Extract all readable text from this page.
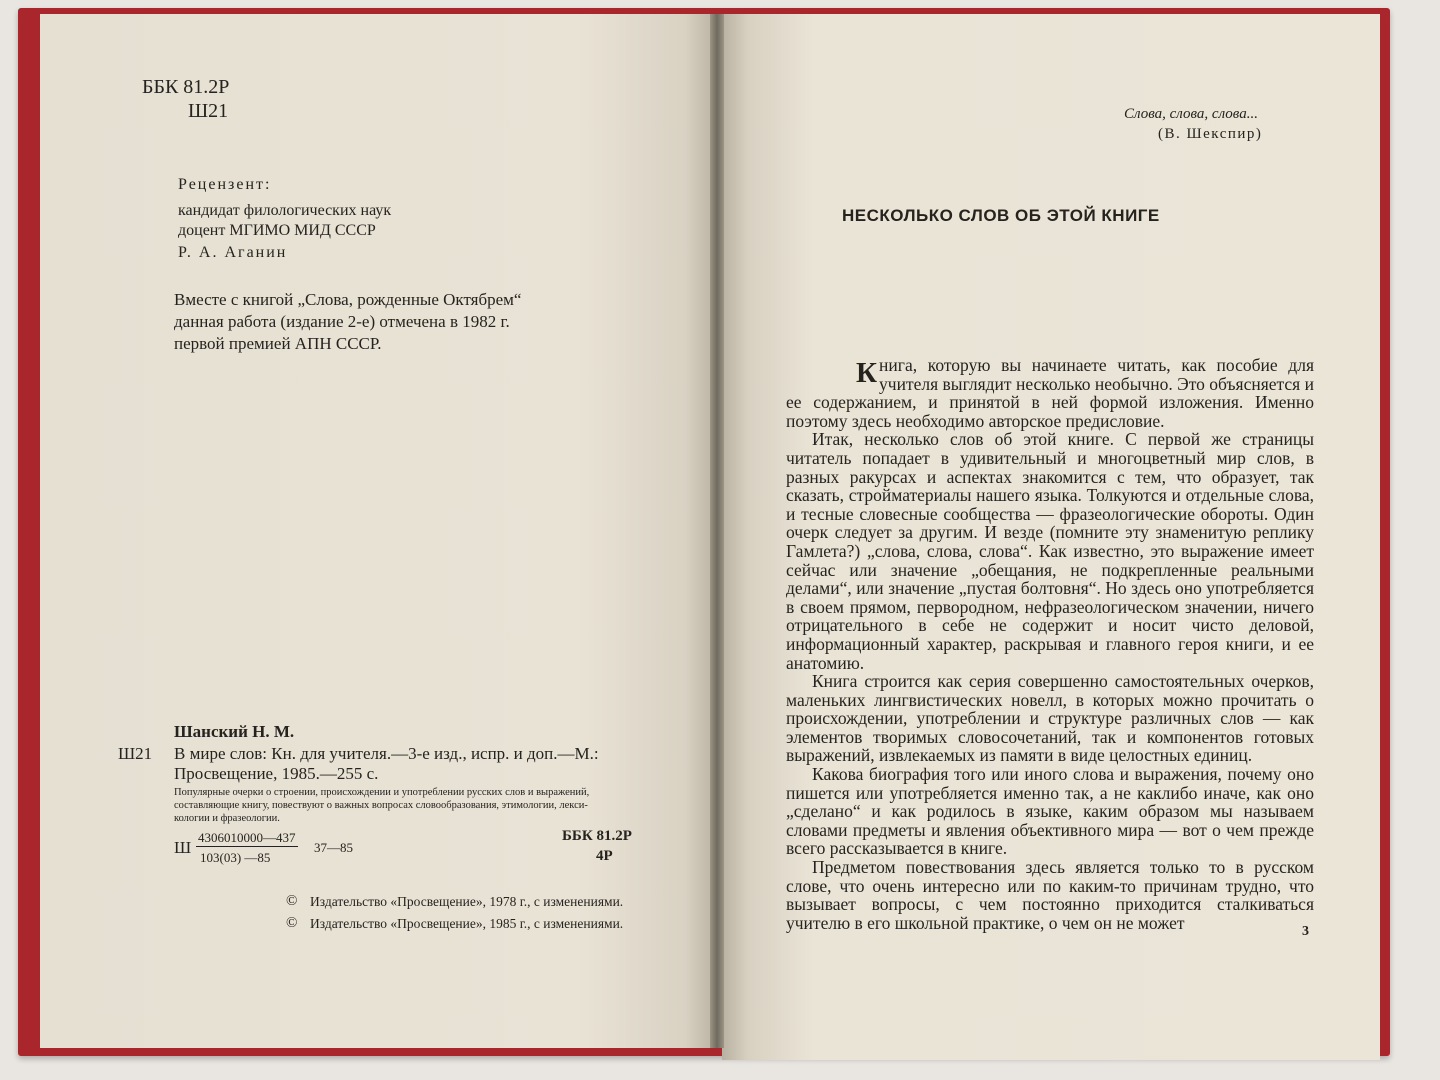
ББК 81.2Р
Ш21
Рецензент:
кандидат филологических наук
доцент МГИМО МИД СССР
Р. А. Аганин
Вместе с книгой „Слова, рожденные Октябрем“
данная работа (издание 2-е) отмечена в 1982 г.
первой премией АПН СССР.
Шанский Н. М.
Ш21 В мире слов: Кн. для учителя.—3-е изд., испр. и доп.—М.:
Просвещение, 1985.—255 с.
Популярные очерки о строении, происхождении и употреблении русских слов и выражений,
составляющие книгу, повествуют о важных вопросах словообразования, этимологии, лекси-
кологии и фразеологии.
Ш
4306010000—437
103(03) —85
37—85
ББК 81.2Р
4Р
© Издательство «Просвещение», 1978 г., с изменениями.
© Издательство «Просвещение», 1985 г., с изменениями.
Слова, слова, слова...
(В. Шекспир)
НЕСКОЛЬКО СЛОВ ОБ ЭТОЙ КНИГЕ

Книга, которую вы начинаете читать, как пособие для учителя выглядит несколько необычно. Это объясняется и ее содержанием, и принятой в ней формой изложения. Именно поэтому здесь необходимо авторское предисловие.

Итак, несколько слов об этой книге. С первой же страницы читатель попадает в удивительный и многоцветный мир слов, в разных ракурсах и аспектах знакомится с тем, что образует, так сказать, стройматериалы нашего языка. Толкуются и отдельные слова, и тесные словесные сообщества — фразеологические обороты. Один очерк следует за другим. И везде (помните эту знаменитую реплику Гамлета?) „слова, слова, слова“. Как известно, это выражение имеет сейчас или значение „обещания, не подкрепленные реальными делами“, или значение „пустая болтовня“. Но здесь оно употребляется в своем прямом, первородном, нефразеологическом значении, ничего отрицательного в себе не содержит и носит чисто деловой, информационный характер, раскрывая и главного героя книги, и ее анатомию.

Книга строится как серия совершенно самостоятельных очерков, маленьких лингвистических новелл, в которых можно прочитать о происхождении, употреблении и структуре различных слов — как элементов творимых словосочетаний, так и компонентов готовых выражений, извлекаемых из памяти в виде целостных единиц.

Какова биография того или иного слова и выражения, почему оно пишется или употребляется именно так, а не каклибо иначе, как оно „сделано“ и как родилось в языке, каким образом мы называем словами предметы и явления объективного мира — вот о чем прежде всего рассказывается в книге.

Предметом повествования здесь является только то в русском слове, что очень интересно или по каким-то причинам трудно, что вызывает вопросы, с чем постоянно приходится сталкиваться учителю в его школьной практике, о чем он не может	3
